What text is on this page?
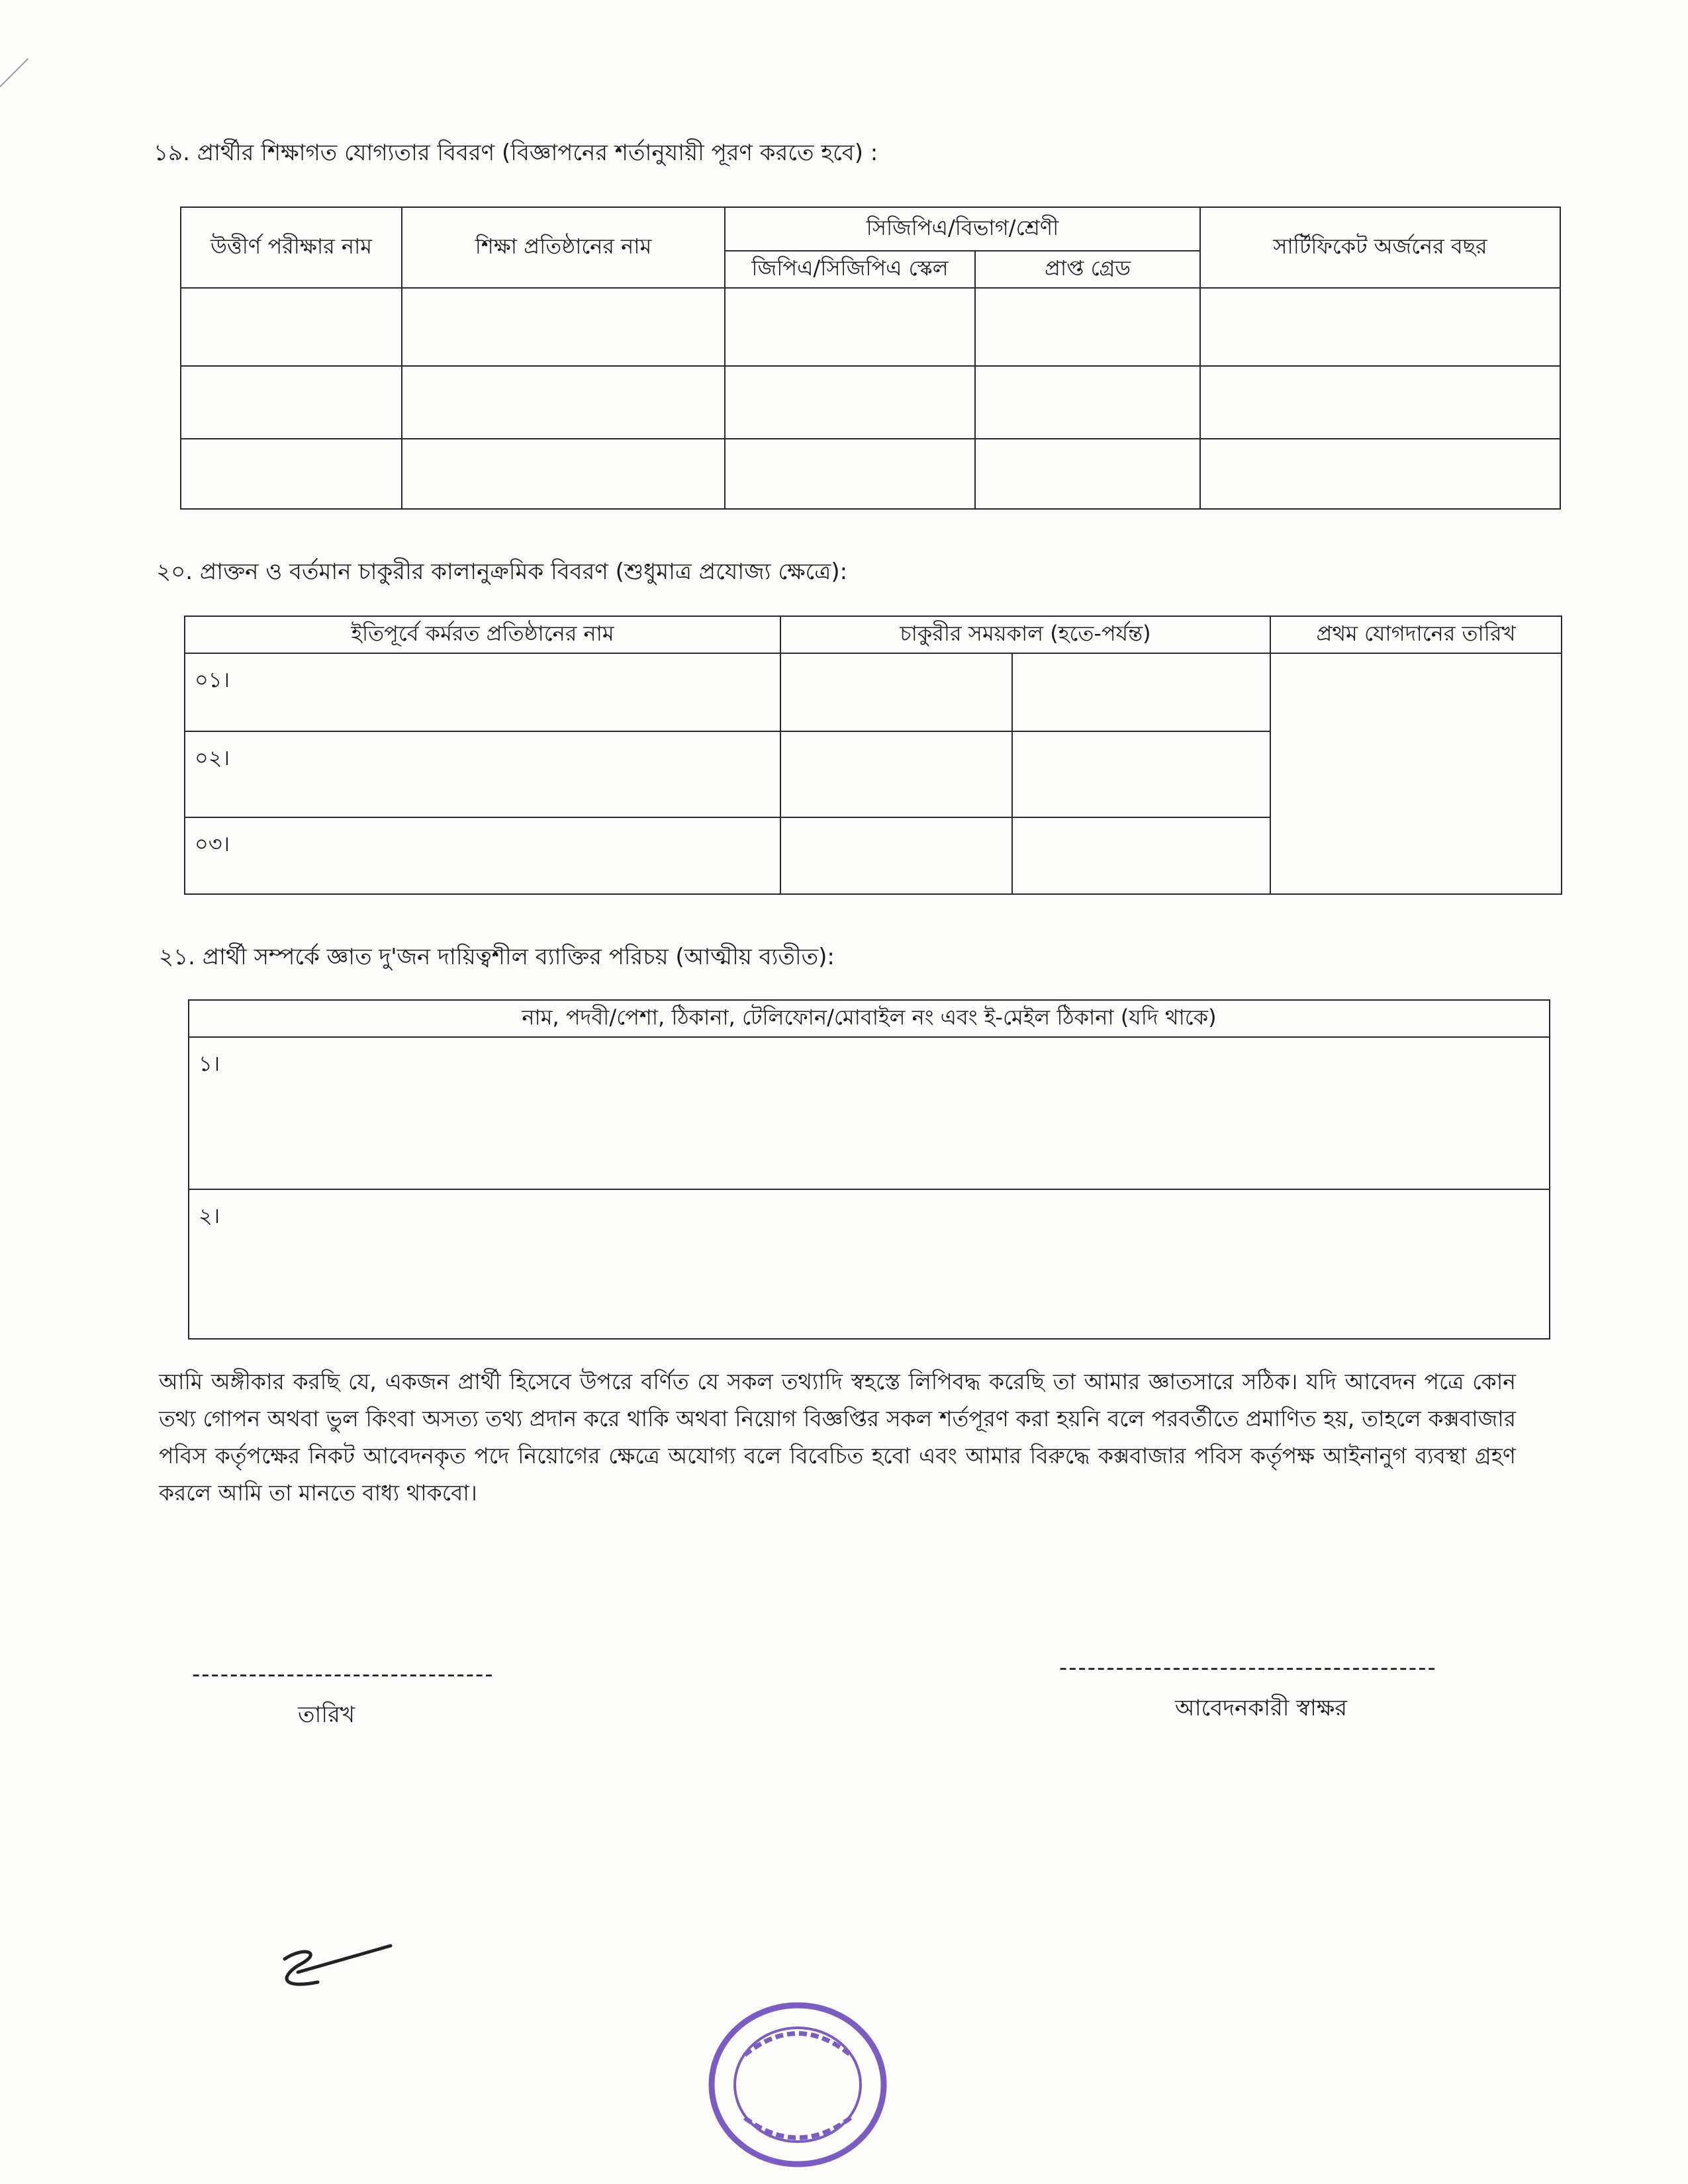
১৯. প্রার্থীর শিক্ষাগত যোগ্যতার বিবরণ (বিজ্ঞাপনের শর্তানুযায়ী পূরণ করতে হবে) :
উত্তীর্ণ পরীক্ষার নাম	শিক্ষা প্রতিষ্ঠানের নাম	সিজিপিএ/বিভাগ/শ্রেণী		সার্টিফিকেট অর্জনের বছর
		জিপিএ/সিজিপিএ স্কেল	প্রাপ্ত গ্রেড	

২০. প্রাক্তন ও বর্তমান চাকুরীর কালানুক্রমিক বিবরণ (শুধুমাত্র প্রযোজ্য ক্ষেত্রে):
ইতিপূর্বে কর্মরত প্রতিষ্ঠানের নাম	চাকুরীর সময়কাল (হতে-পর্যন্ত)		প্রথম যোগদানের তারিখ
০১।			
০২।			
০৩।			
২১. প্রার্থী সম্পর্কে জ্ঞাত দু'জন দায়িত্বশীল ব্যাক্তির পরিচয় (আত্মীয় ব্যতীত):
নাম, পদবী/পেশা, ঠিকানা, টেলিফোন/মোবাইল নং এবং ই-মেইল ঠিকানা (যদি থাকে)
১।
২।
আমি অঙ্গীকার করছি যে, একজন প্রার্থী হিসেবে উপরে বর্ণিত যে সকল তথ্যাদি স্বহস্তে লিপিবদ্ধ করেছি তা আমার জ্ঞাতসারে সঠিক। যদি আবেদন পত্রে কোন তথ্য গোপন অথবা ভুল কিংবা অসত্য তথ্য প্রদান করে থাকি অথবা নিয়োগ বিজ্ঞপ্তির সকল শর্তপূরণ করা হয়নি বলে পরবর্তীতে প্রমাণিত হয়, তাহলে কক্সবাজার পবিস কর্তৃপক্ষের নিকট আবেদনকৃত পদে নিয়োগের ক্ষেত্রে অযোগ্য বলে বিবেচিত হবো এবং আমার বিরুদ্ধে কক্সবাজার পবিস কর্তৃপক্ষ আইনানুগ ব্যবস্থা গ্রহণ করলে আমি তা মানতে বাধ্য থাকবো।
--------------------------------
তারিখ
----------------------------------------
আবেদনকারী স্বাক্ষর
